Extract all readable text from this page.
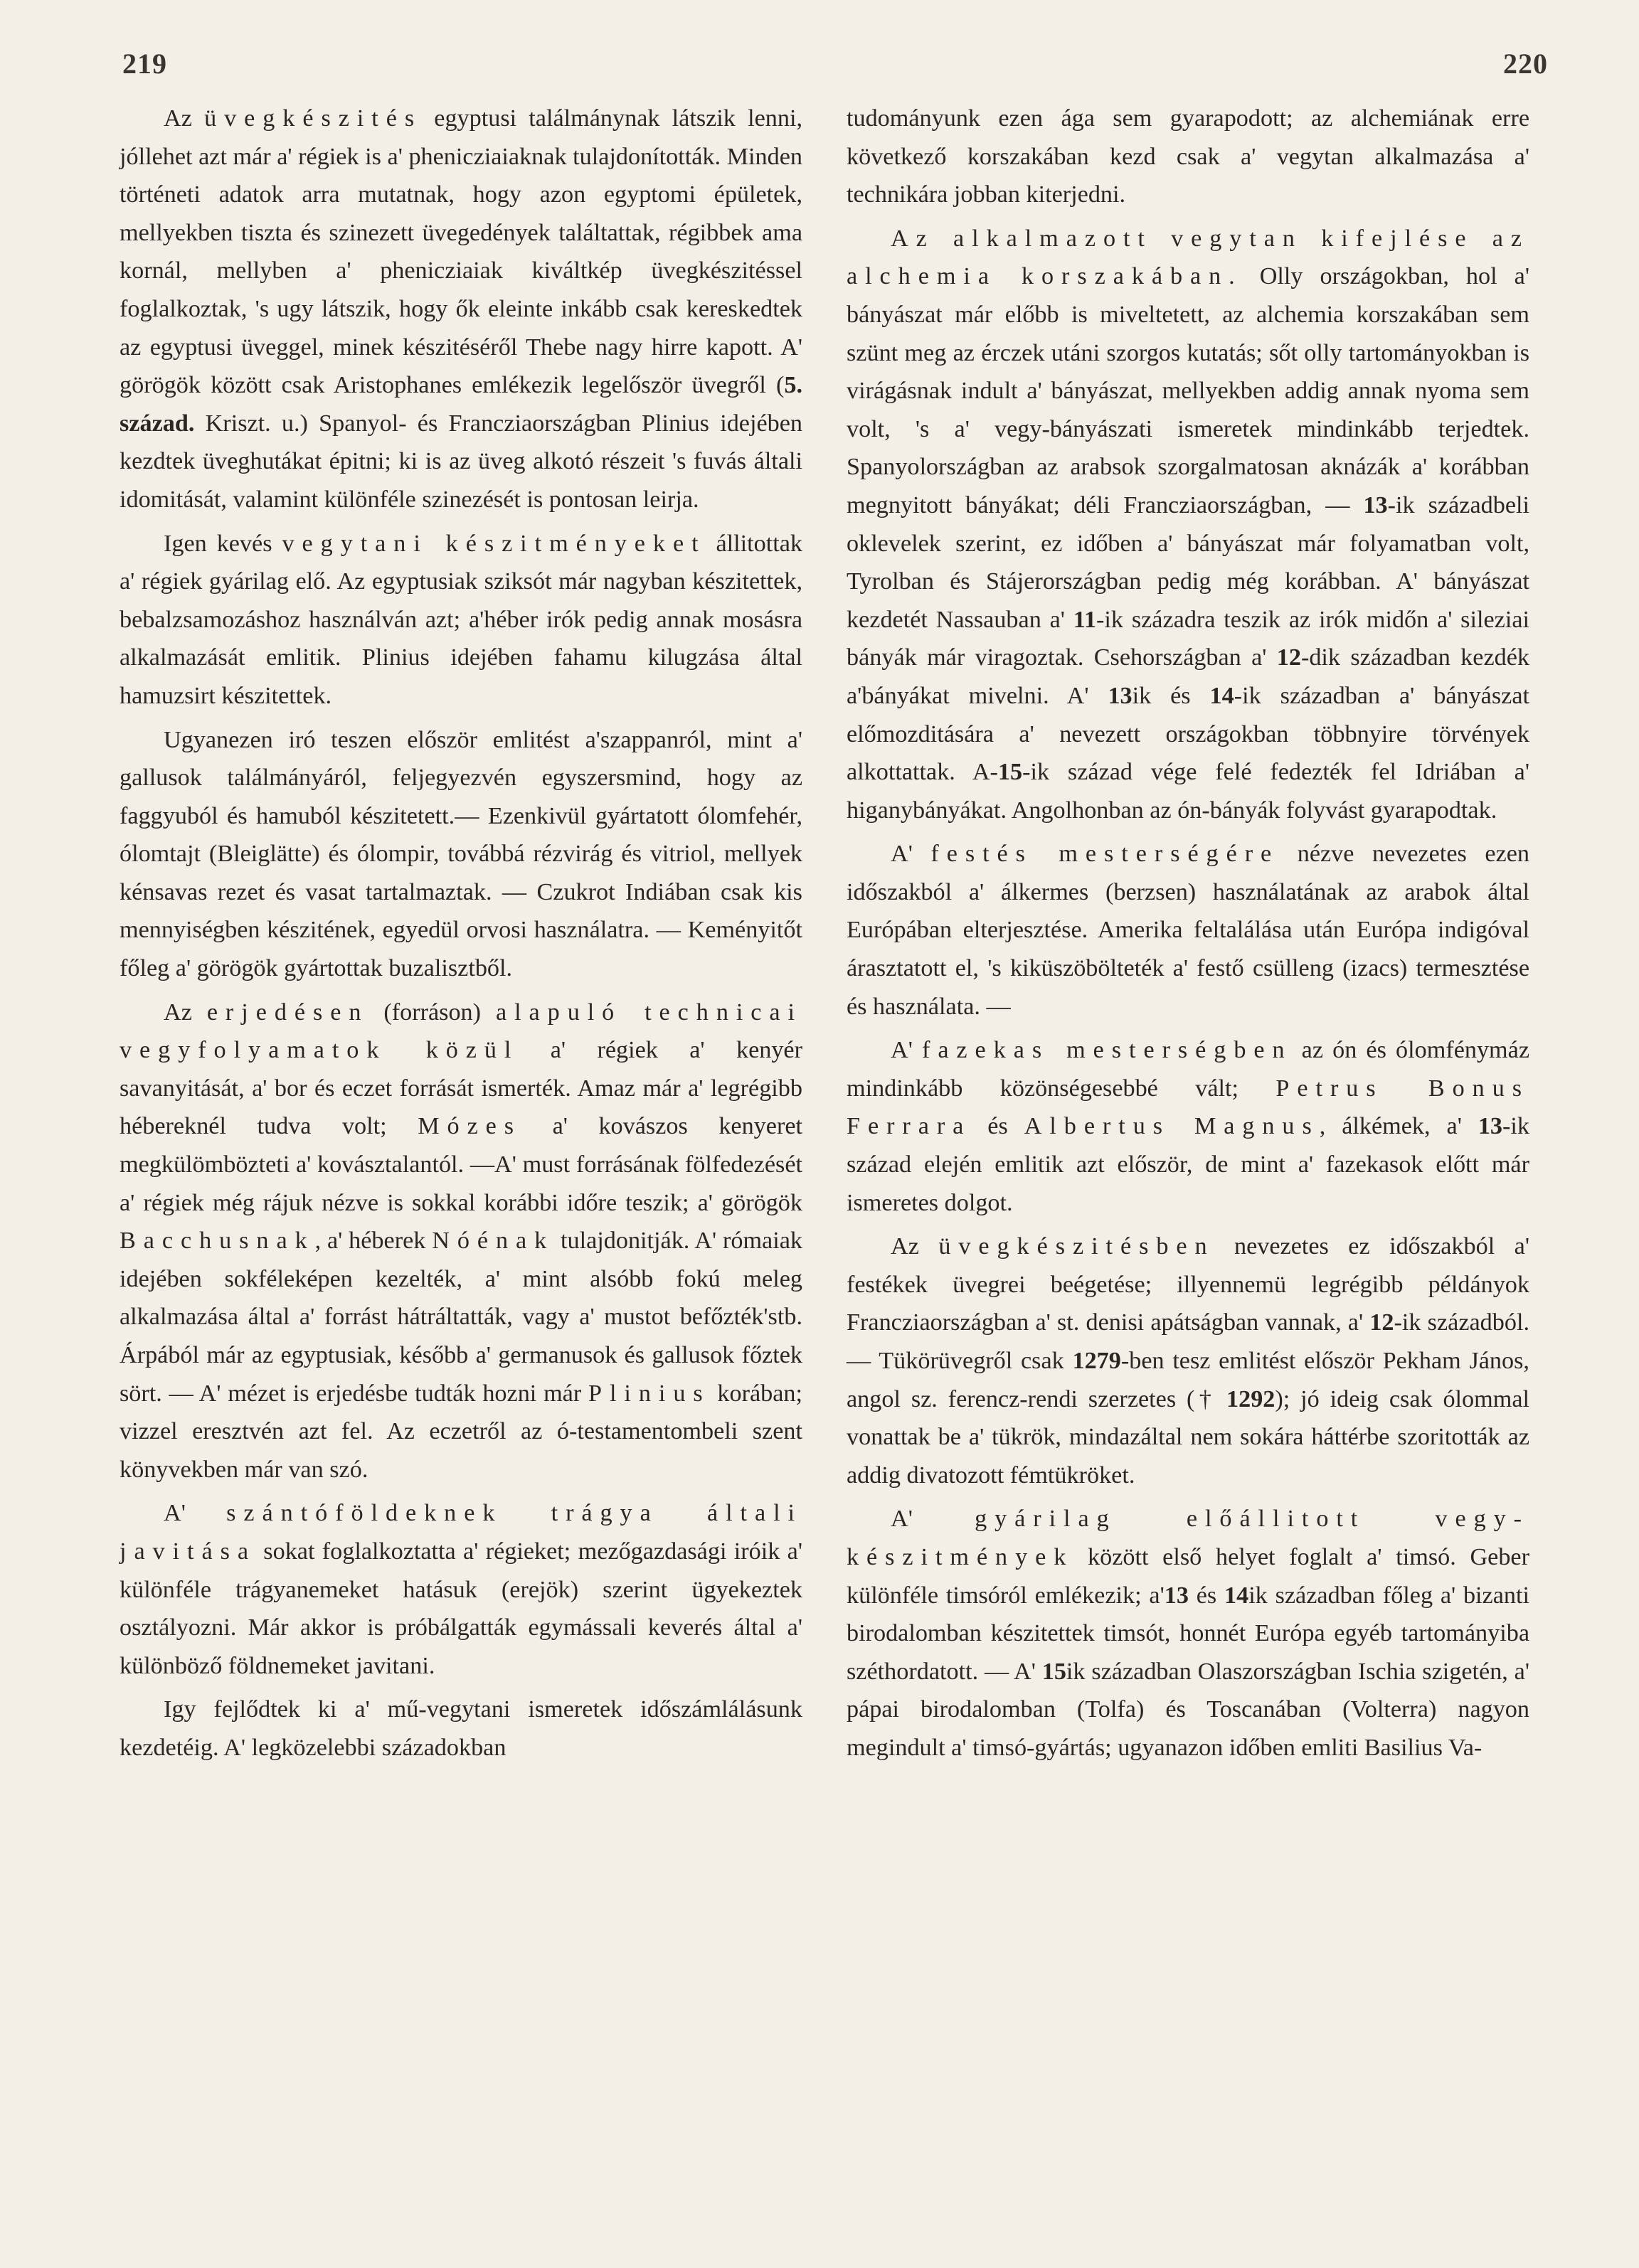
219	220

Az üvegkészités egyptusi találmánynak látszik lenni, jóllehet azt már a' régiek is a' phenicziaiaknak tulajdonították. Minden történeti adatok arra mutatnak, hogy azon egyptomi épületek, mellyekben tiszta és szinezett üvegedények találtattak, régibbek ama kornál, mellyben a' phenicziaiak kiváltkép üvegkészitéssel foglalkoztak, 's ugy látszik, hogy ők eleinte inkább csak kereskedtek az egyptusi üveggel, minek készitéséről Thebe nagy hirre kapott. A' görögök között csak Aristophanes emlékezik legelőször üvegről (5. század. Kriszt. u.) Spanyol- és Francziaországban Plinius idejében kezdtek üveghutákat épitni; ki is az üveg alkotó részeit 's fuvás általi idomitását, valamint különféle szinezését is pontosan leirja.

Igen kevés vegytani készitményeket állitottak a' régiek gyárilag elő. Az egyptusiak sziksót már nagyban készitettek, bebalzsamozáshoz használván azt; a'héber irók pedig annak mosásra alkalmazását emlitik. Plinius idejében fahamu kilugzása által hamuzsirt készitettek.

Ugyanezen iró teszen először emlitést a'szappanról, mint a' gallusok találmányáról, feljegyezvén egyszersmind, hogy az faggyuból és hamuból készitetett.— Ezenkivül gyártatott ólomfehér, ólomtajt (Bleiglätte) és ólompir, továbbá rézvirág és vitriol, mellyek kénsavas rezet és vasat tartalmaztak. — Czukrot Indiában csak kis mennyiségben készitének, egyedül orvosi használatra. — Keményitőt főleg a' görögök gyártottak buzalisztből.

Az erjedésen (forráson) alapuló technicai vegyfolyamatok közül a' régiek a' kenyér savanyitását, a' bor és eczet forrását ismerték. Amaz már a' legrégibb hébereknél tudva volt; Mózes a' kovászos kenyeret megkülömbözteti a' kovásztalantól. —A' must forrásának fölfedezését a' régiek még rájuk nézve is sokkal korábbi időre teszik; a' görögök Bacchusnak, a' héberek Nóénak tulajdonitják. A' rómaiak idejében sokféleképen kezelték, a' mint alsóbb fokú meleg alkalmazása által a' forrást hátráltatták, vagy a' mustot befőzték'stb. Árpából már az egyptusiak, később a' germanusok és gallusok főztek sört. — A' mézet is erjedésbe tudták hozni már Plinius korában; vizzel eresztvén azt fel. Az eczetről az ó-testamentombeli szent könyvekben már van szó.

A' szántóföldeknek trágya általi javitása sokat foglalkoztatta a' régieket; mezőgazdasági iróik a' különféle trágyanemeket hatásuk (erejök) szerint ügyekeztek osztályozni. Már akkor is próbálgatták egymássali keverés által a' különböző földnemeket javitani.

Igy fejlődtek ki a' mű-vegytani ismeretek időszámlálásunk kezdetéig. A' legközelebbi századokban

tudományunk ezen ága sem gyarapodott; az alchemiának erre következő korszakában kezd csak a' vegytan alkalmazása a' technikára jobban kiterjedni.

Az alkalmazott vegytan kifejlése az alchemia korszakában. Olly országokban, hol a' bányászat már előbb is miveltetett, az alchemia korszakában sem szünt meg az érczek utáni szorgos kutatás; sőt olly tartományokban is virágásnak indult a' bányászat, mellyekben addig annak nyoma sem volt, 's a' vegy-bányászati ismeretek mindinkább terjedtek. Spanyolországban az arabsok szorgalmatosan aknázák a' korábban megnyitott bányákat; déli Francziaországban, — 13-ik századbeli oklevelek szerint, ez időben a' bányászat már folyamatban volt, Tyrolban és Stájerországban pedig még korábban. A' bányászat kezdetét Nassauban a' 11-ik századra teszik az irók midőn a' sileziai bányák már viragoztak. Csehországban a' 12-dik században kezdék a'bányákat mivelni. A' 13ik és 14-ik században a' bányászat előmozditására a' nevezett országokban többnyire törvények alkottattak. A-15-ik század vége felé fedezték fel Idriában a' higanybányákat. Angolhonban az ón-bányák folyvást gyarapodtak.

A' festés mesterségére nézve nevezetes ezen időszakból a' álkermes (berzsen) használatának az arabok által Európában elterjesztése. Amerika feltalálása után Európa indigóval árasztatott el, 's kiküszöbölteték a' festő csülleng (izacs) termesztése és használata. —

A' fazekas mesterségben az ón és ólomfénymáz mindinkább közönségesebbé vált; Petrus Bonus Ferrara és Albertus Magnus, álkémek, a' 13-ik század elején emlitik azt először, de mint a' fazekasok előtt már ismeretes dolgot.

Az üvegkészitésben nevezetes ez időszakból a' festékek üvegrei beégetése; illyennemü legrégibb példányok Francziaországban a' st. denisi apátságban vannak, a' 12-ik századból. — Tükörüvegről csak 1279-ben tesz emlitést először Pekham János, angol sz. ferencz-rendi szerzetes († 1292); jó ideig csak ólommal vonattak be a' tükrök, mindazáltal nem sokára háttérbe szoritották az addig divatozott fémtükröket.

A' gyárilag előállitott vegy-készitmények között első helyet foglalt a' timsó. Geber különféle timsóról emlékezik; a'13 és 14ik században főleg a' bizanti birodalomban készitettek timsót, honnét Európa egyéb tartományiba széthordatott. — A' 15ik században Olaszországban Ischia szigetén, a' pápai birodalomban (Tolfa) és Toscanában (Volterra) nagyon megindult a' timsó-gyártás; ugyanazon időben emliti Basilius Va-
